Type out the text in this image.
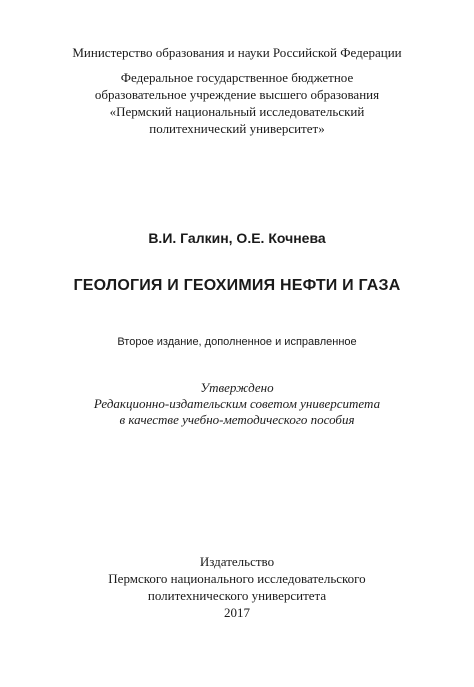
Министерство образования и науки Российской Федерации
Федеральное государственное бюджетное
образовательное учреждение высшего образования
«Пермский национальный исследовательский
политехнический университет»
В.И. Галкин, О.Е. Кочнева
ГЕОЛОГИЯ И ГЕОХИМИЯ НЕФТИ И ГАЗА
Второе издание, дополненное и исправленное
Утверждено
Редакционно-издательским советом университета
в качестве учебно-методического пособия
Издательство
Пермского национального исследовательского
политехнического университета
2017
